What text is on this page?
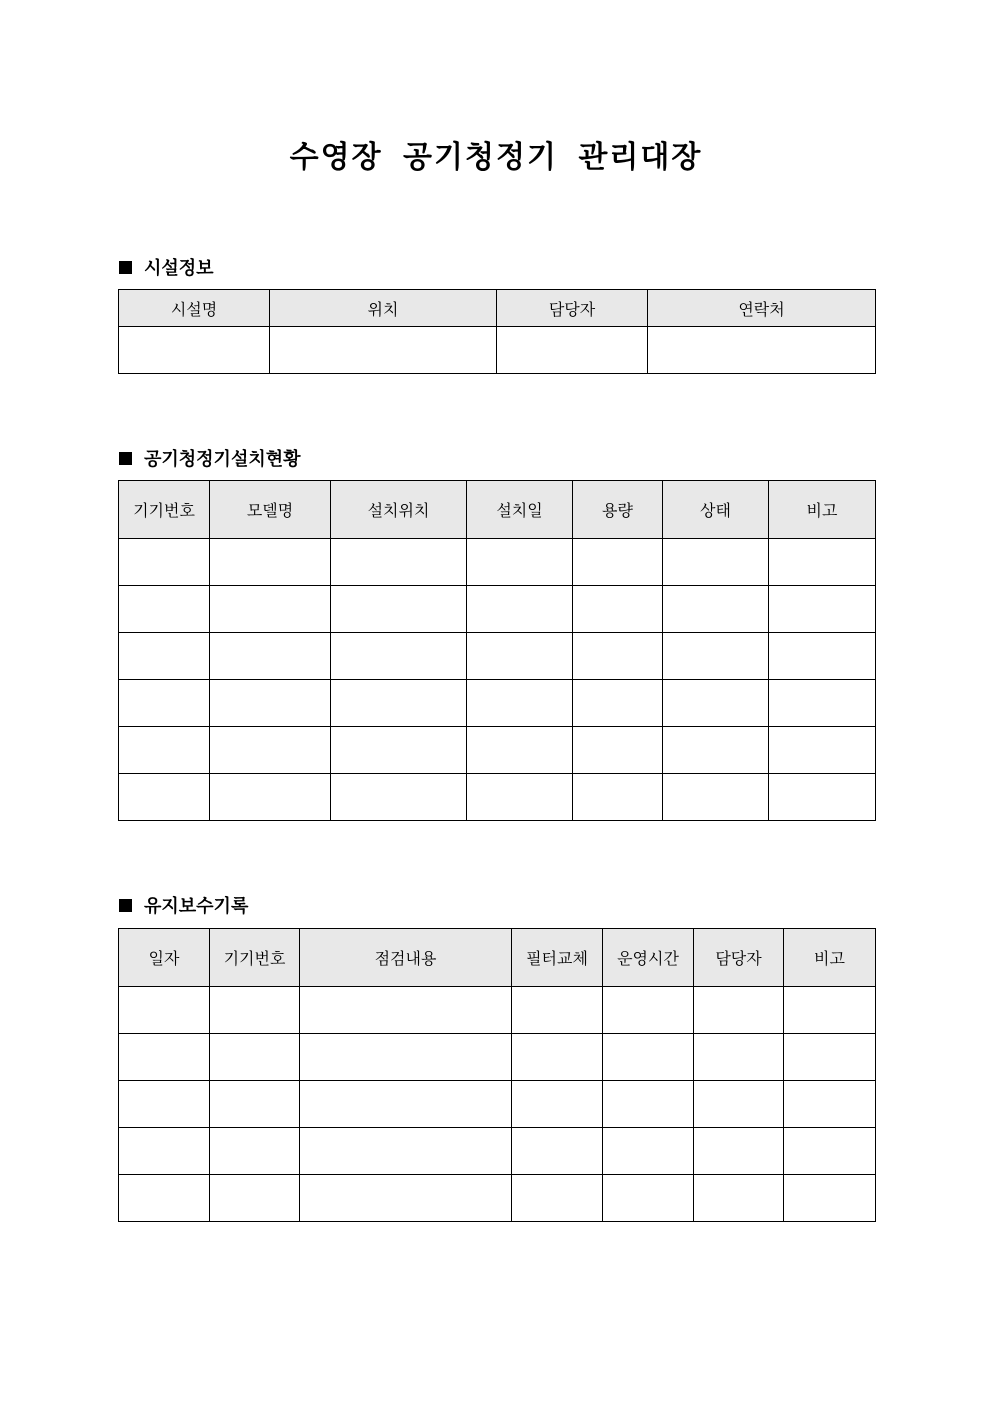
수영장 공기청정기 관리대장
시설정보
시설명	위치	담당자	연락처

공기청정기설치현황
기기번호	모델명	설치위치	설치일	용량	상태	비고

유지보수기록
일자	기기번호	점검내용	필터교체	운영시간	담당자	비고
